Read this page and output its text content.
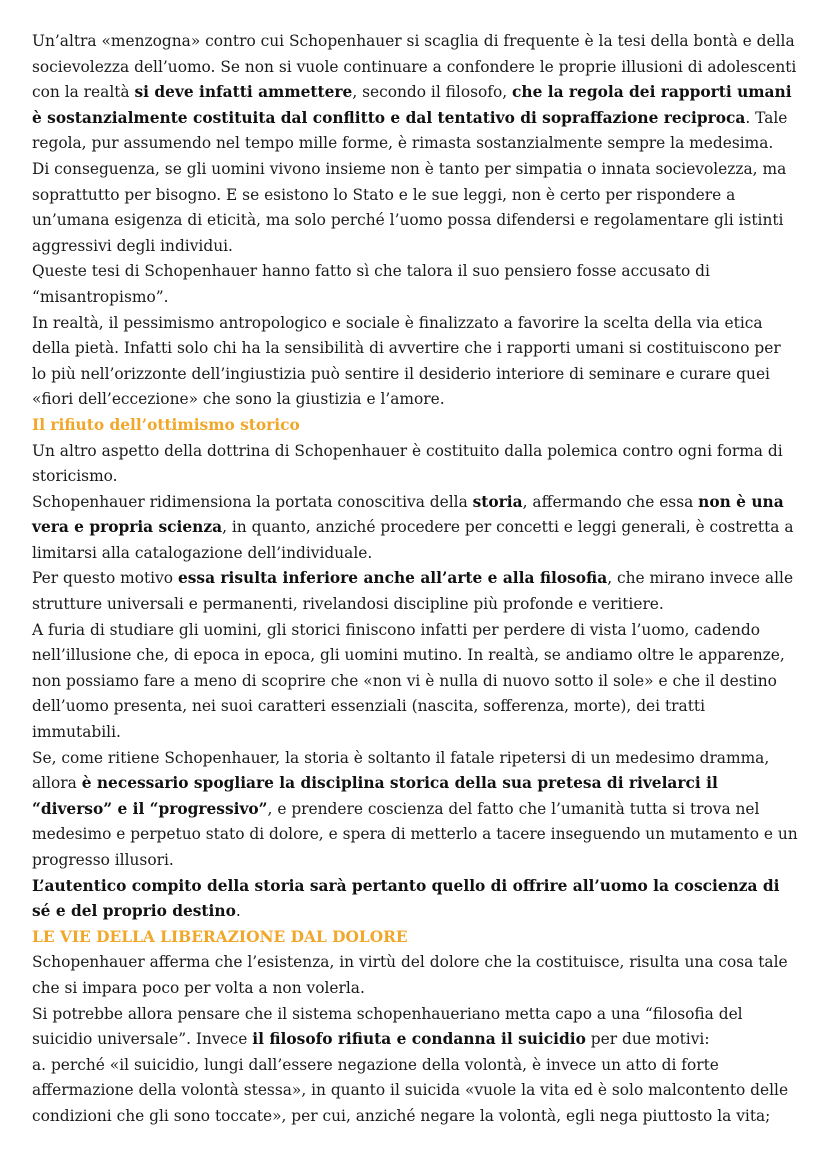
Un’altra «menzogna» contro cui Schopenhauer si scaglia di frequente è la tesi della bontà e della socievolezza dell’uomo. Se non si vuole continuare a confondere le proprie illusioni di adolescenti con la realtà si deve infatti ammettere, secondo il filosofo, che la regola dei rapporti umani è sostanzialmente costituita dal conflitto e dal tentativo di sopraffazione reciproca. Tale regola, pur assumendo nel tempo mille forme, è rimasta sostanzialmente sempre la medesima.

Di conseguenza, se gli uomini vivono insieme non è tanto per simpatia o innata socievolezza, ma soprattutto per bisogno. E se esistono lo Stato e le sue leggi, non è certo per rispondere a un’umana esigenza di eticità, ma solo perché l’uomo possa difendersi e regolamentare gli istinti aggressivi degli individui.

Queste tesi di Schopenhauer hanno fatto sì che talora il suo pensiero fosse accusato di “misantropismo”.

In realtà, il pessimismo antropologico e sociale è finalizzato a favorire la scelta della via etica della pietà. Infatti solo chi ha la sensibilità di avvertire che i rapporti umani si costituiscono per lo più nell’orizzonte dell’ingiustizia può sentire il desiderio interiore di seminare e curare quei «fiori dell’eccezione» che sono la giustizia e l’amore.

Il rifiuto dell’ottimismo storico

Un altro aspetto della dottrina di Schopenhauer è costituito dalla polemica contro ogni forma di storicismo.

Schopenhauer ridimensiona la portata conoscitiva della storia, affermando che essa non è una vera e propria scienza, in quanto, anziché procedere per concetti e leggi generali, è costretta a limitarsi alla catalogazione dell’individuale.

Per questo motivo essa risulta inferiore anche all’arte e alla filosofia, che mirano invece alle strutture universali e permanenti, rivelandosi discipline più profonde e veritiere.

A furia di studiare gli uomini, gli storici finiscono infatti per perdere di vista l’uomo, cadendo nell’illusione che, di epoca in epoca, gli uomini mutino. In realtà, se andiamo oltre le apparenze, non possiamo fare a meno di scoprire che «non vi è nulla di nuovo sotto il sole» e che il destino dell’uomo presenta, nei suoi caratteri essenziali (nascita, sofferenza, morte), dei tratti immutabili.

Se, come ritiene Schopenhauer, la storia è soltanto il fatale ripetersi di un medesimo dramma, allora è necessario spogliare la disciplina storica della sua pretesa di rivelarci il “diverso” e il “progressivo”, e prendere coscienza del fatto che l’umanità tutta si trova nel medesimo e perpetuo stato di dolore, e spera di metterlo a tacere inseguendo un mutamento e un progresso illusori.

L’autentico compito della storia sarà pertanto quello di offrire all’uomo la coscienza di sé e del proprio destino.

LE VIE DELLA LIBERAZIONE DAL DOLORE

Schopenhauer afferma che l’esistenza, in virtù del dolore che la costituisce, risulta una cosa tale che si impara poco per volta a non volerla.

Si potrebbe allora pensare che il sistema schopenhaueriano metta capo a una “filosofia del suicidio universale”. Invece il filosofo rifiuta e condanna il suicidio per due motivi:

a. perché «il suicidio, lungi dall’essere negazione della volontà, è invece un atto di forte affermazione della volontà stessa», in quanto il suicida «vuole la vita ed è solo malcontento delle condizioni che gli sono toccate», per cui, anziché negare la volontà, egli nega piuttosto la vita;
